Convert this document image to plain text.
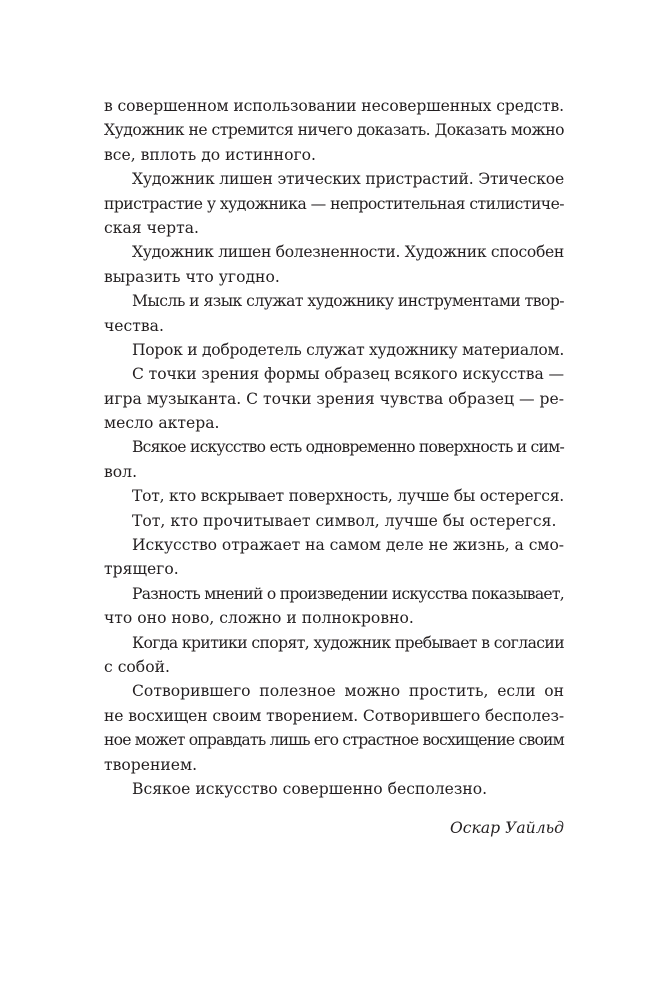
в совершенном использовании несовершенных средств.
Художник не стремится ничего доказать. Доказать можно
все, вплоть до истинного.
Художник лишен этических пристрастий. Этическое
пристрастие у художника — непростительная стилистиче-
ская черта.
Художник лишен болезненности. Художник способен
выразить что угодно.
Мысль и язык служат художнику инструментами твор-
чества.
Порок и добродетель служат художнику материалом.
С точки зрения формы образец всякого искусства —
игра музыканта. С точки зрения чувства образец — ре-
месло актера.
Всякое искусство есть одновременно поверхность и сим-
вол.
Тот, кто вскрывает поверхность, лучше бы остерегся.
Тот, кто прочитывает символ, лучше бы остерегся.
Искусство отражает на самом деле не жизнь, а смо-
трящего.
Разность мнений о произведении искусства показывает,
что оно ново, сложно и полнокровно.
Когда критики спорят, художник пребывает в согласии
с собой.
Сотворившего полезное можно простить, если он
не восхищен своим творением. Сотворившего бесполез-
ное может оправдать лишь его страстное восхищение своим
творением.
Всякое искусство совершенно бесполезно.
Оскар Уайльд
